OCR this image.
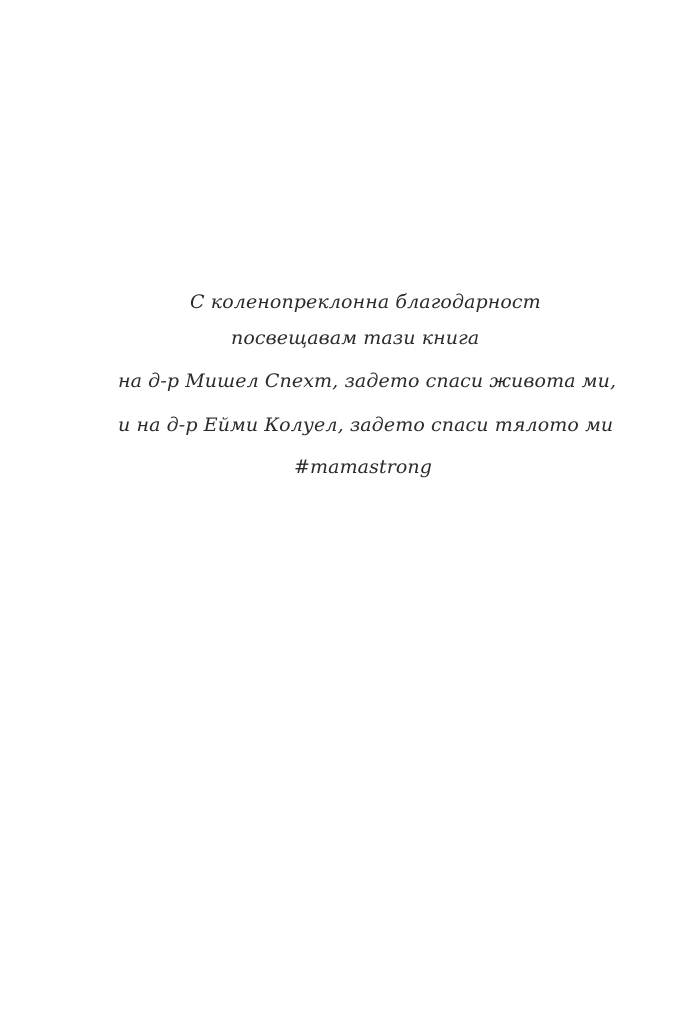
С коленопреклонна благодарност
посвещавам тази книга
на д-р Мишел Спехт, задето спаси живота ми,
и на д-р Ейми Колуел, задето спаси тялото ми
#mamastrong
